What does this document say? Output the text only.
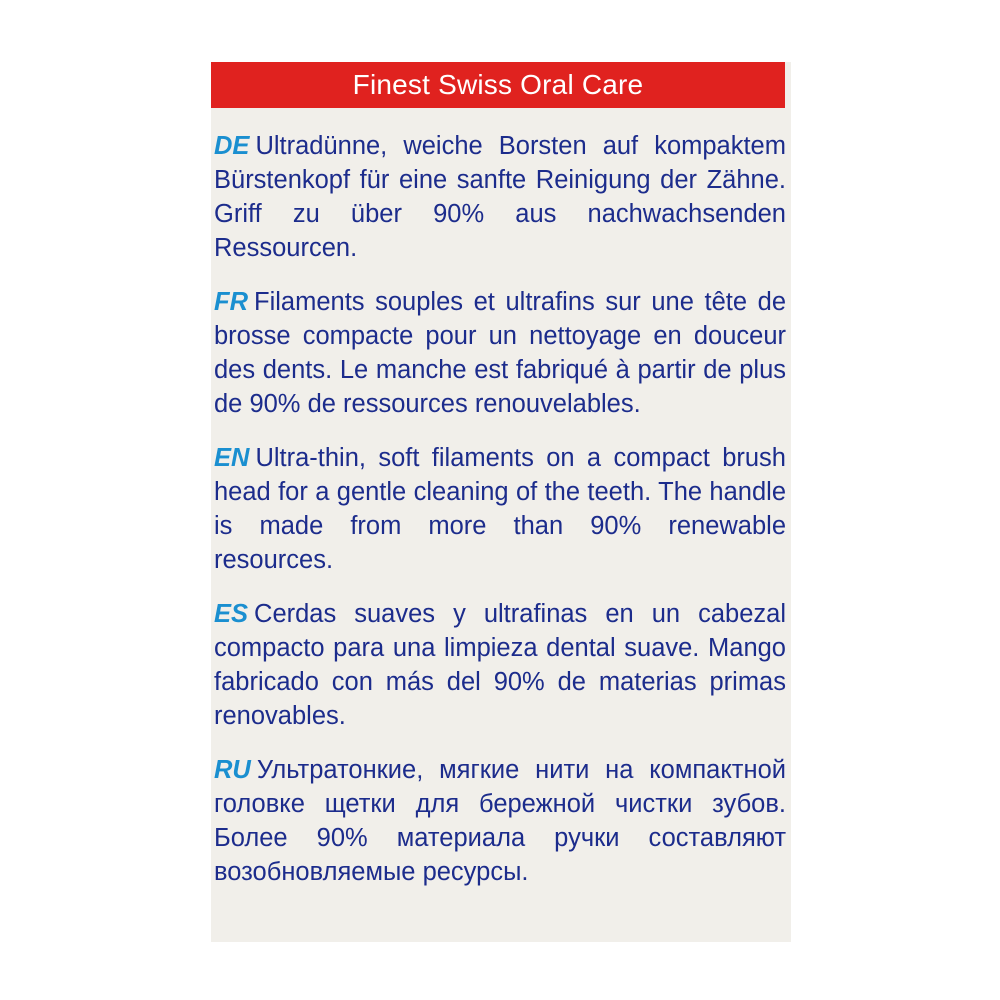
Finest Swiss Oral Care

DE Ultradünne, weiche Borsten auf kompaktem Bürstenkopf für eine sanfte Reinigung der Zähne. Griff zu über 90% aus nachwachsenden Ressourcen.

FR Filaments souples et ultrafins sur une tête de brosse compacte pour un nettoyage en douceur des dents. Le manche est fabriqué à partir de plus de 90% de ressources renouvelables.

EN Ultra-thin, soft filaments on a compact brush head for a gentle cleaning of the teeth. The handle is made from more than 90% renewable resources.

ES Cerdas suaves y ultrafinas en un cabezal compacto para una limpieza dental suave. Mango fabricado con más del 90% de materias primas renovables.

RU Ультратонкие, мягкие нити на компактной головке щетки для бережной чистки зубов. Более 90% материала ручки составляют возобновляемые ресурсы.
